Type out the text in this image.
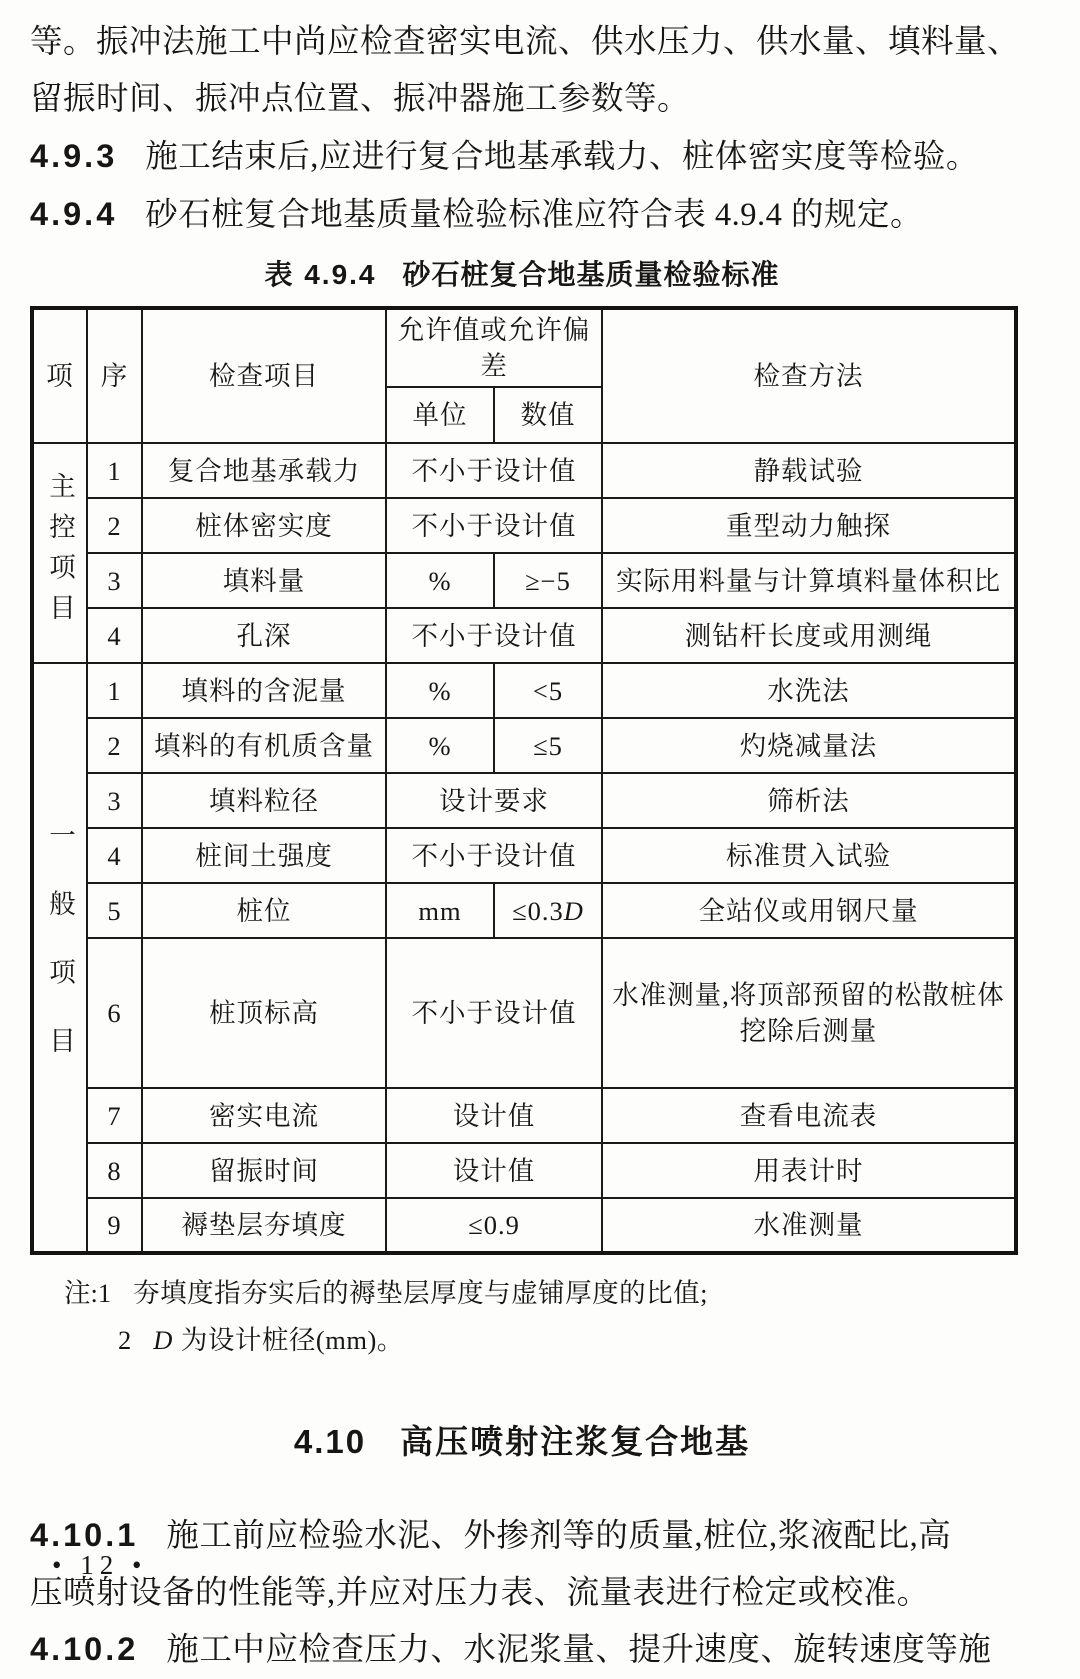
等。振冲法施工中尚应检查密实电流、供水压力、供水量、填料量、
留振时间、振冲点位置、振冲器施工参数等。
4.9.3 施工结束后,应进行复合地基承载力、桩体密实度等检验。
4.9.4 砂石桩复合地基质量检验标准应符合表 4.9.4 的规定。
表 4.9.4 砂石桩复合地基质量检验标准
项	序	检查项目	允许值或允许偏差		检查方法
			单位	数值	

主控项目	1	复合地基承载力	不小于设计值		静载试验
	2	桩体密实度	不小于设计值		重型动力触探
	3	填料量	%	≥−5	实际用料量与计算填料量体积比
	4	孔深	不小于设计值		测钻杆长度或用测绳

一般项目	1	填料的含泥量	%	<5	水洗法
	2	填料的有机质含量	%	≤5	灼烧减量法
	3	填料粒径	设计要求		筛析法
	4	桩间土强度	不小于设计值		标准贯入试验
	5	桩位	mm	≤0.3D	全站仪或用钢尺量
	6	桩顶标高	不小于设计值		水准测量,将顶部预留的松散桩体挖除后测量
	7	密实电流	设计值		查看电流表
	8	留振时间	设计值		用表计时
	9	褥垫层夯填度	≤0.9		水准测量
注:1 夯填度指夯实后的褥垫层厚度与虚铺厚度的比值;
2 D 为设计桩径(mm)。
4.10 高压喷射注浆复合地基
4.10.1 施工前应检验水泥、外掺剂等的质量,桩位,浆液配比,高
压喷射设备的性能等,并应对压力表、流量表进行检定或校准。
4.10.2 施工中应检查压力、水泥浆量、提升速度、旋转速度等施
• 12 •
